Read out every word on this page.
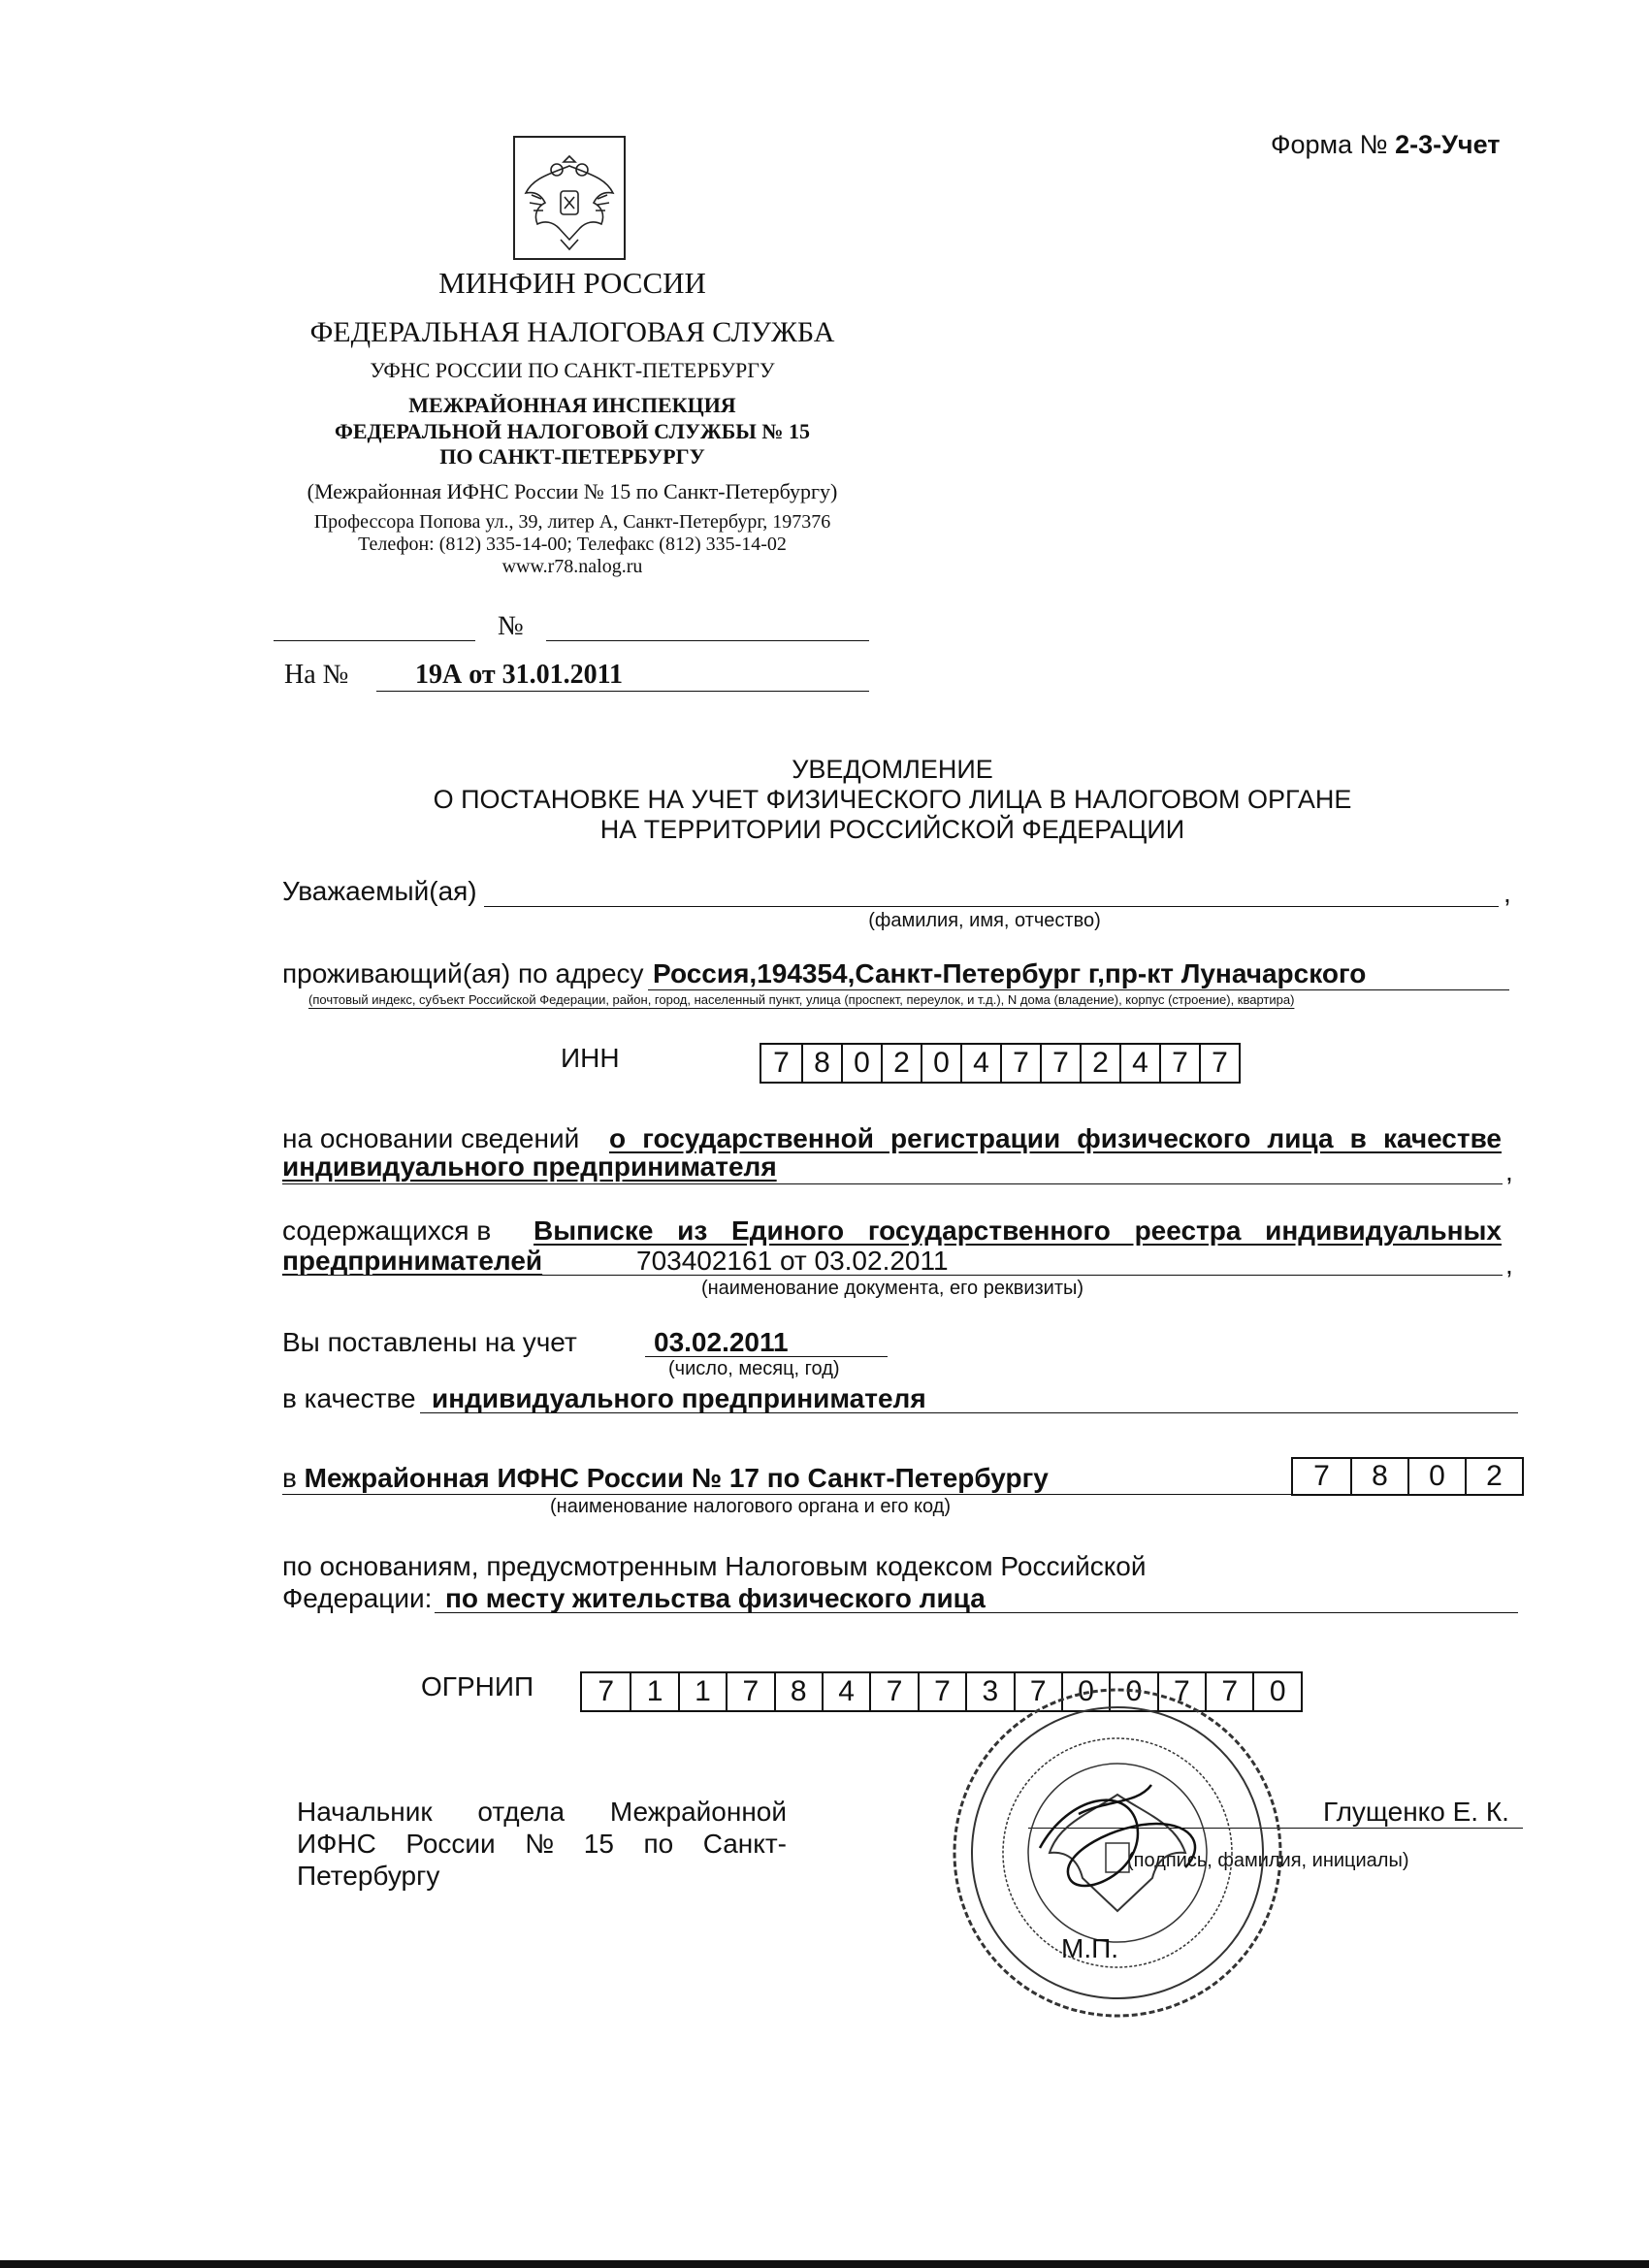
Форма № 2-3-Учет
МИНФИН РОССИИ
ФЕДЕРАЛЬНАЯ НАЛОГОВАЯ СЛУЖБА
УФНС РОССИИ ПО САНКТ-ПЕТЕРБУРГУ
МЕЖРАЙОННАЯ ИНСПЕКЦИЯ
ФЕДЕРАЛЬНОЙ НАЛОГОВОЙ СЛУЖБЫ № 15
ПО САНКТ-ПЕТЕРБУРГУ
(Межрайонная ИФНС России № 15 по Санкт-Петербургу)
Профессора Попова ул., 39, литер А, Санкт-Петербург, 197376
Телефон: (812) 335-14-00; Телефакс (812) 335-14-02
www.r78.nalog.ru
№
На № 19А от 31.01.2011
УВЕДОМЛЕНИЕ
О ПОСТАНОВКЕ НА УЧЕТ ФИЗИЧЕСКОГО ЛИЦА В НАЛОГОВОМ ОРГАНЕ
НА ТЕРРИТОРИИ РОССИЙСКОЙ ФЕДЕРАЦИИ
Уважаемый(ая)	,
(фамилия, имя, отчество)
проживающий(ая) по адресу Россия,194354,Санкт-Петербург г,пр-кт Луначарского
(почтовый индекс, субъект Российской Федерации, район, город, населенный пункт, улица (проспект, переулок, и т.д.), N дома (владение), корпус (строение), квартира)
ИНН	7 8 0 2 0 4 7 7 2 4 7 7
на основании сведений о государственной регистрации физического лица в качестве
индивидуального предпринимателя	,
содержащихся в Выписке из Единого государственного реестра индивидуальных
предпринимателей	703402161 от 03.02.2011	,
(наименование документа, его реквизиты)
Вы поставлены на учет	03.02.2011
(число, месяц, год)
в качестве индивидуального предпринимателя
в Межрайонная ИФНС России № 17 по Санкт-Петербургу	7	8	0	2
(наименование налогового органа и его код)
по основаниям, предусмотренным Налоговым кодексом Российской
Федерации: по месту жительства физического лица
ОГРНИП	7	1	1	7	8	4	7	7	3	7	0	0	7	7	0
Начальник отдела Межрайонной
ИФНС России № 15 по Санкт-
Петербургу
Глущенко Е. К.
(подпись, фамилия, инициалы)
М.П.
